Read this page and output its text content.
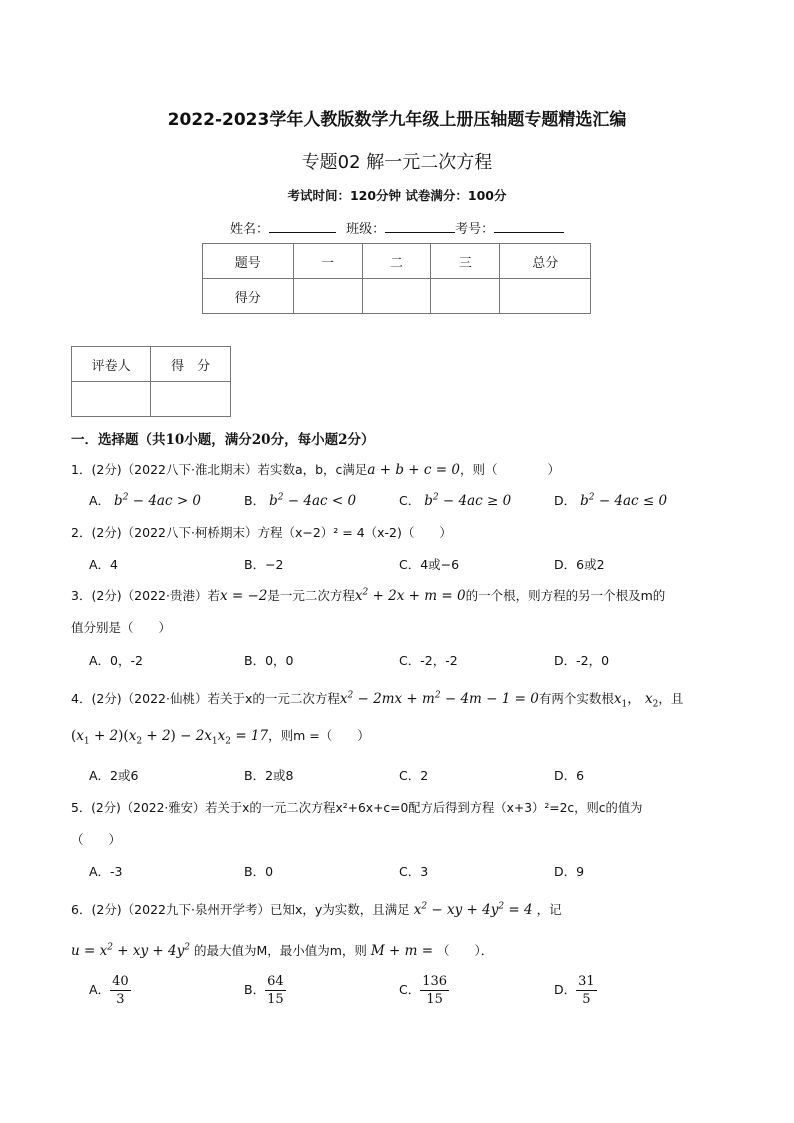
2022-2023学年人教版数学九年级上册压轴题专题精选汇编
专题02 解一元二次方程
考试时间：120分钟 试卷满分：100分
姓名：	班级：	考号：
题号	一	二	三	总分
得分				
评卷人	得　分

一．选择题（共10小题，满分20分，每小题2分）
1．(2分)（2022八下·淮北期末）若实数a，b，c满足a + b + c = 0，则（　　　　）
A． $b^2 - 4ac > 0$	B． $b^2 - 4ac < 0$	C． $b^2 - 4ac \ge 0$	D． $b^2 - 4ac \le 0$
2．(2分)（2022八下·柯桥期末）方程（x−2）² = 4（x-2)（　　）
A．4	B．−2	C．4或−6	D．6或2
3．(2分)（2022·贵港）若x = −2是一元二次方程$x^2 + 2x + m = 0$的一个根，则方程的另一个根及m的
值分别是（　　）
A．0，-2	B．0，0	C．-2，-2	D．-2，0
4．(2分)（2022·仙桃）若关于x的一元二次方程$x^2 - 2mx + m^2 - 4m - 1 = 0$有两个实数根$x_1$， $x_2$，且
$(x_1 + 2)(x_2 + 2) - 2x_1x_2 = 17$，则m =（　　）
A．2或6	B．2或8	C．2	D．6
5．(2分)（2022·雅安）若关于x的一元二次方程x²+6x+c=0配方后得到方程（x+3）²=2c，则c的值为
（　　）
A．-3	B．0	C．3	D．9
6．(2分)（2022九下·泉州开学考）已知x，y为实数，且满足 $x^2$ − xy + $4y^2 = 4$ ，记
$u = x^2$ + xy + $4y^2$ 的最大值为M，最小值为m，则 M + m = （　　）．
A． $\frac{40}{3}$	B． $\frac{64}{15}$	C． $\frac{136}{15}$	D． $\frac{31}{5}$
